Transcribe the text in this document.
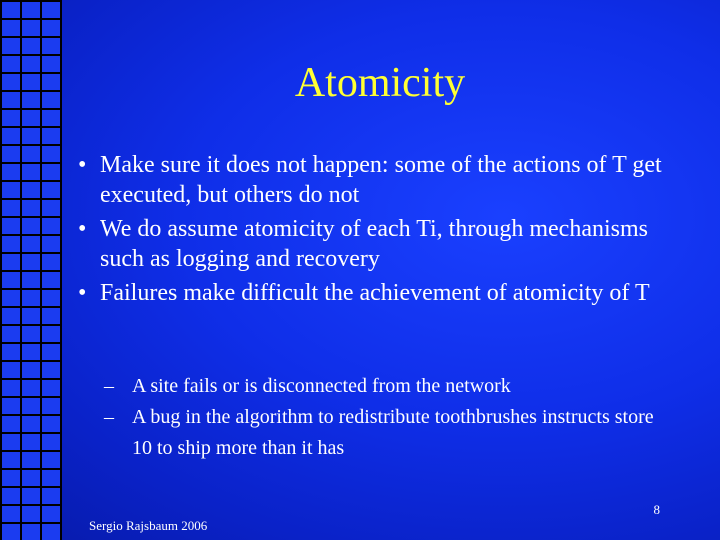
Atomicity
• Make sure it does not happen: some of the actions of T get executed, but others do not
• We do assume atomicity of each Ti, through mechanisms such as logging and recovery
• Failures make difficult the achievement of atomicity of T
– A site fails or is disconnected from the network
– A bug in the algorithm to redistribute toothbrushes instructs store 10 to ship more than it has
8
Sergio Rajsbaum 2006
